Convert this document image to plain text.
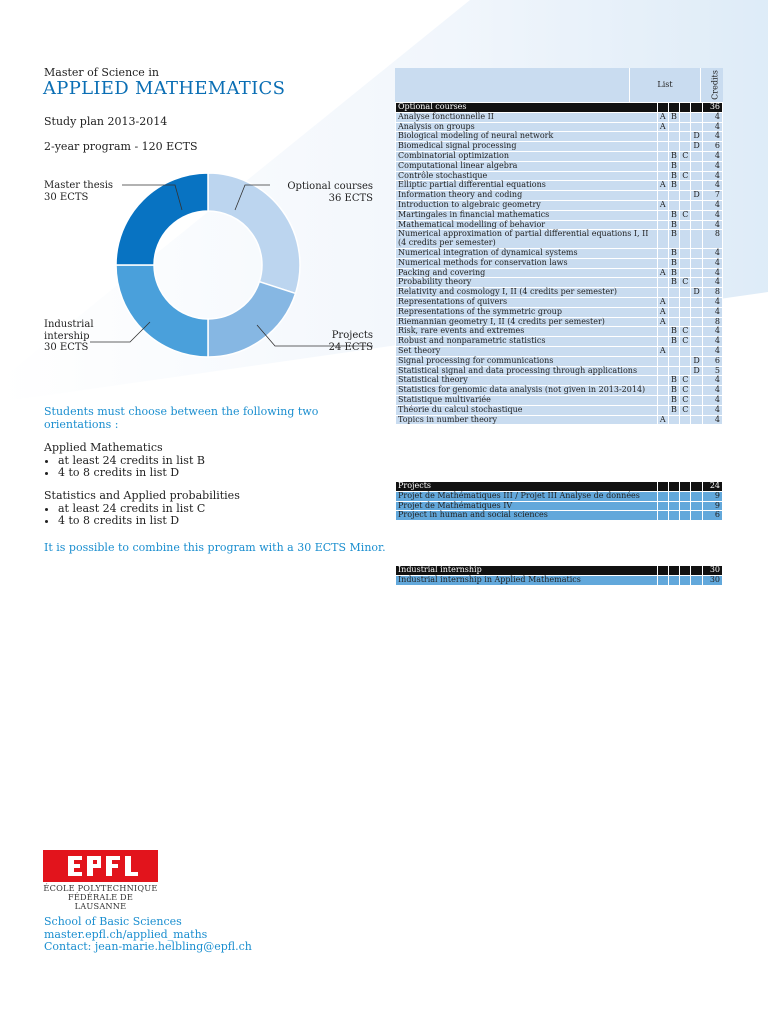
Master of Science in
APPLIED MATHEMATICS
Study plan 2013-2014
2-year program - 120 ECTS
Master thesis
30 ECTS
Optional courses
36 ECTS
Industrial
intership
30 ECTS
Projects
24 ECTS
Students must choose between the following two orientations :
Applied Mathematics
• at least 24 credits in list B
• 4 to 8 credits in list D
Statistics and Applied probabilities
• at least 24 credits in list C
• 4 to 8 credits in list D
It is possible to combine this program with a 30 ECTS Minor.
List	Credits
Optional courses					36
Analyse fonctionnelle II	A	B			4
Analysis on groups	A				4
Biological modeling of neural network				D	4
Biomedical signal processing				D	6
Combinatorial optimization		B	C		4
Computational linear algebra		B			4
Contrôle stochastique		B	C		4
Elliptic partial differential equations	A	B			4
Information theory and coding				D	7
Introduction to algebraic geometry	A				4
Martingales in financial mathematics		B	C		4
Mathematical modelling of behavior		B			4
Numerical approximation of partial differential equations I, II (4 credits per semester)		B			8
Numerical integration of dynamical systems		B			4
Numerical methods for conservation laws		B			4
Packing and covering	A	B			4
Probability theory		B	C		4
Relativity and cosmology I, II (4 credits per semester)				D	8
Representations of quivers	A				4
Representations of the symmetric group	A				4
Riemannian geometry I, II (4 credits per semester)	A				8
Risk, rare events and extremes		B	C		4
Robust and nonparametric statistics		B	C		4
Set theory	A				4
Signal processing for communications				D	6
Statistical signal and data processing through applications				D	5
Statistical theory		B	C		4
Statistics for genomic data analysis (not given in 2013-2014)		B	C		4
Statistique multivariée		B	C		4
Théorie du calcul stochastique		B	C		4
Topics in number theory	A				4
Projects					24
Projet de Mathématiques III / Projet III Analyse de données					9
Projet de Mathématiques IV					9
Project in human and social sciences					6
Industrial internship					30
Industrial internship in Applied Mathematics					30
ÉCOLE POLYTECHNIQUE
FÉDÉRALE DE LAUSANNE
School of Basic Sciences
master.epfl.ch/applied_maths
Contact: jean-marie.helbling@epfl.ch
